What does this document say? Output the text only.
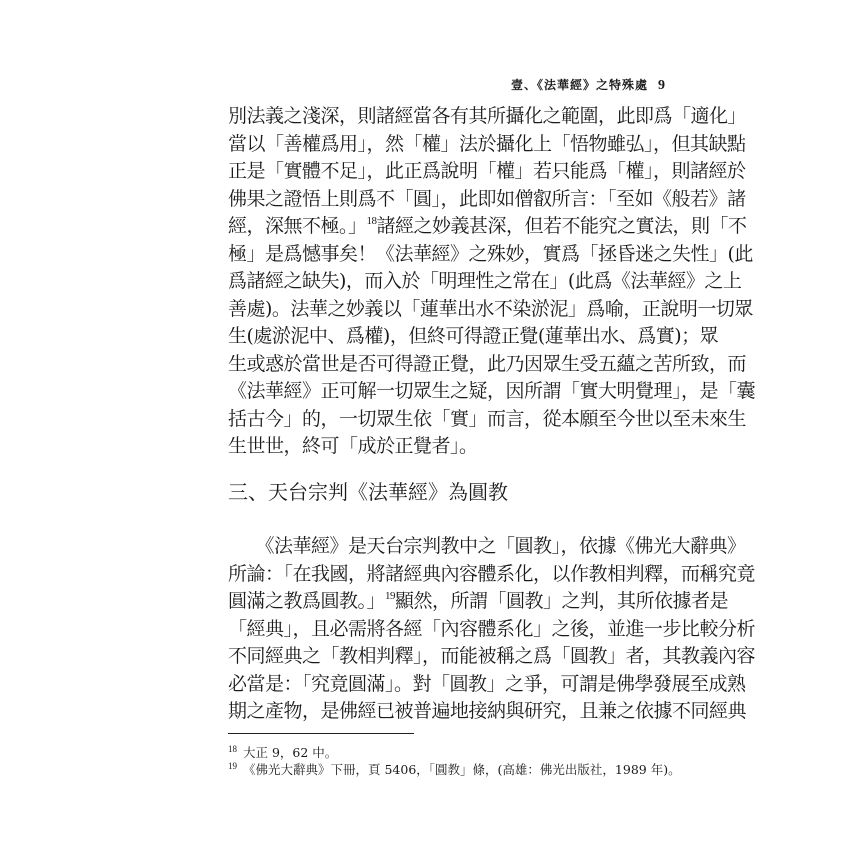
壹、《法華經》之特殊處 9
別法義之淺深，則諸經當各有其所攝化之範圍，此即爲「適化」
當以「善權爲用」，然「權」法於攝化上「悟物雖弘」，但其缺點
正是「實體不足」，此正爲說明「權」若只能爲「權」，則諸經於
佛果之證悟上則爲不「圓」，此即如僧叡所言：「至如《般若》諸
經，深無不極。」$^{18}$諸經之妙義甚深，但若不能究之實法，則「不
極」是爲憾事矣！《法華經》之殊妙，實爲「拯昏迷之失性」(此
爲諸經之缺失)，而入於「明理性之常在」(此爲《法華經》之上
善處)。法華之妙義以「蓮華出水不染淤泥」爲喻，正說明一切眾
生(處淤泥中、爲權)，但終可得證正覺(蓮華出水、爲實)；眾
生或惑於當世是否可得證正覺，此乃因眾生受五蘊之苦所致，而
《法華經》正可解一切眾生之疑，因所謂「實大明覺理」，是「囊
括古今」的，一切眾生依「實」而言，從本願至今世以至未來生
生世世，終可「成於正覺者」。
三、天台宗判《法華經》為圓教
　　《法華經》是天台宗判教中之「圓教」，依據《佛光大辭典》
所論：「在我國，將諸經典內容體系化，以作教相判釋，而稱究竟
圓滿之教爲圓教。」$^{19}$顯然，所謂「圓教」之判，其所依據者是
「經典」，且必需將各經「內容體系化」之後，並進一步比較分析
不同經典之「教相判釋」，而能被稱之爲「圓教」者，其教義內容
必當是：「究竟圓滿」。對「圓教」之爭，可謂是佛學發展至成熟
期之產物，是佛經已被普遍地接納與研究，且兼之依據不同經典
$^{18}$ 大正 9，62 中。
$^{19}$ 《佛光大辭典》下冊，頁 5406，「圓教」條，(高雄：佛光出版社，1989 年)。
